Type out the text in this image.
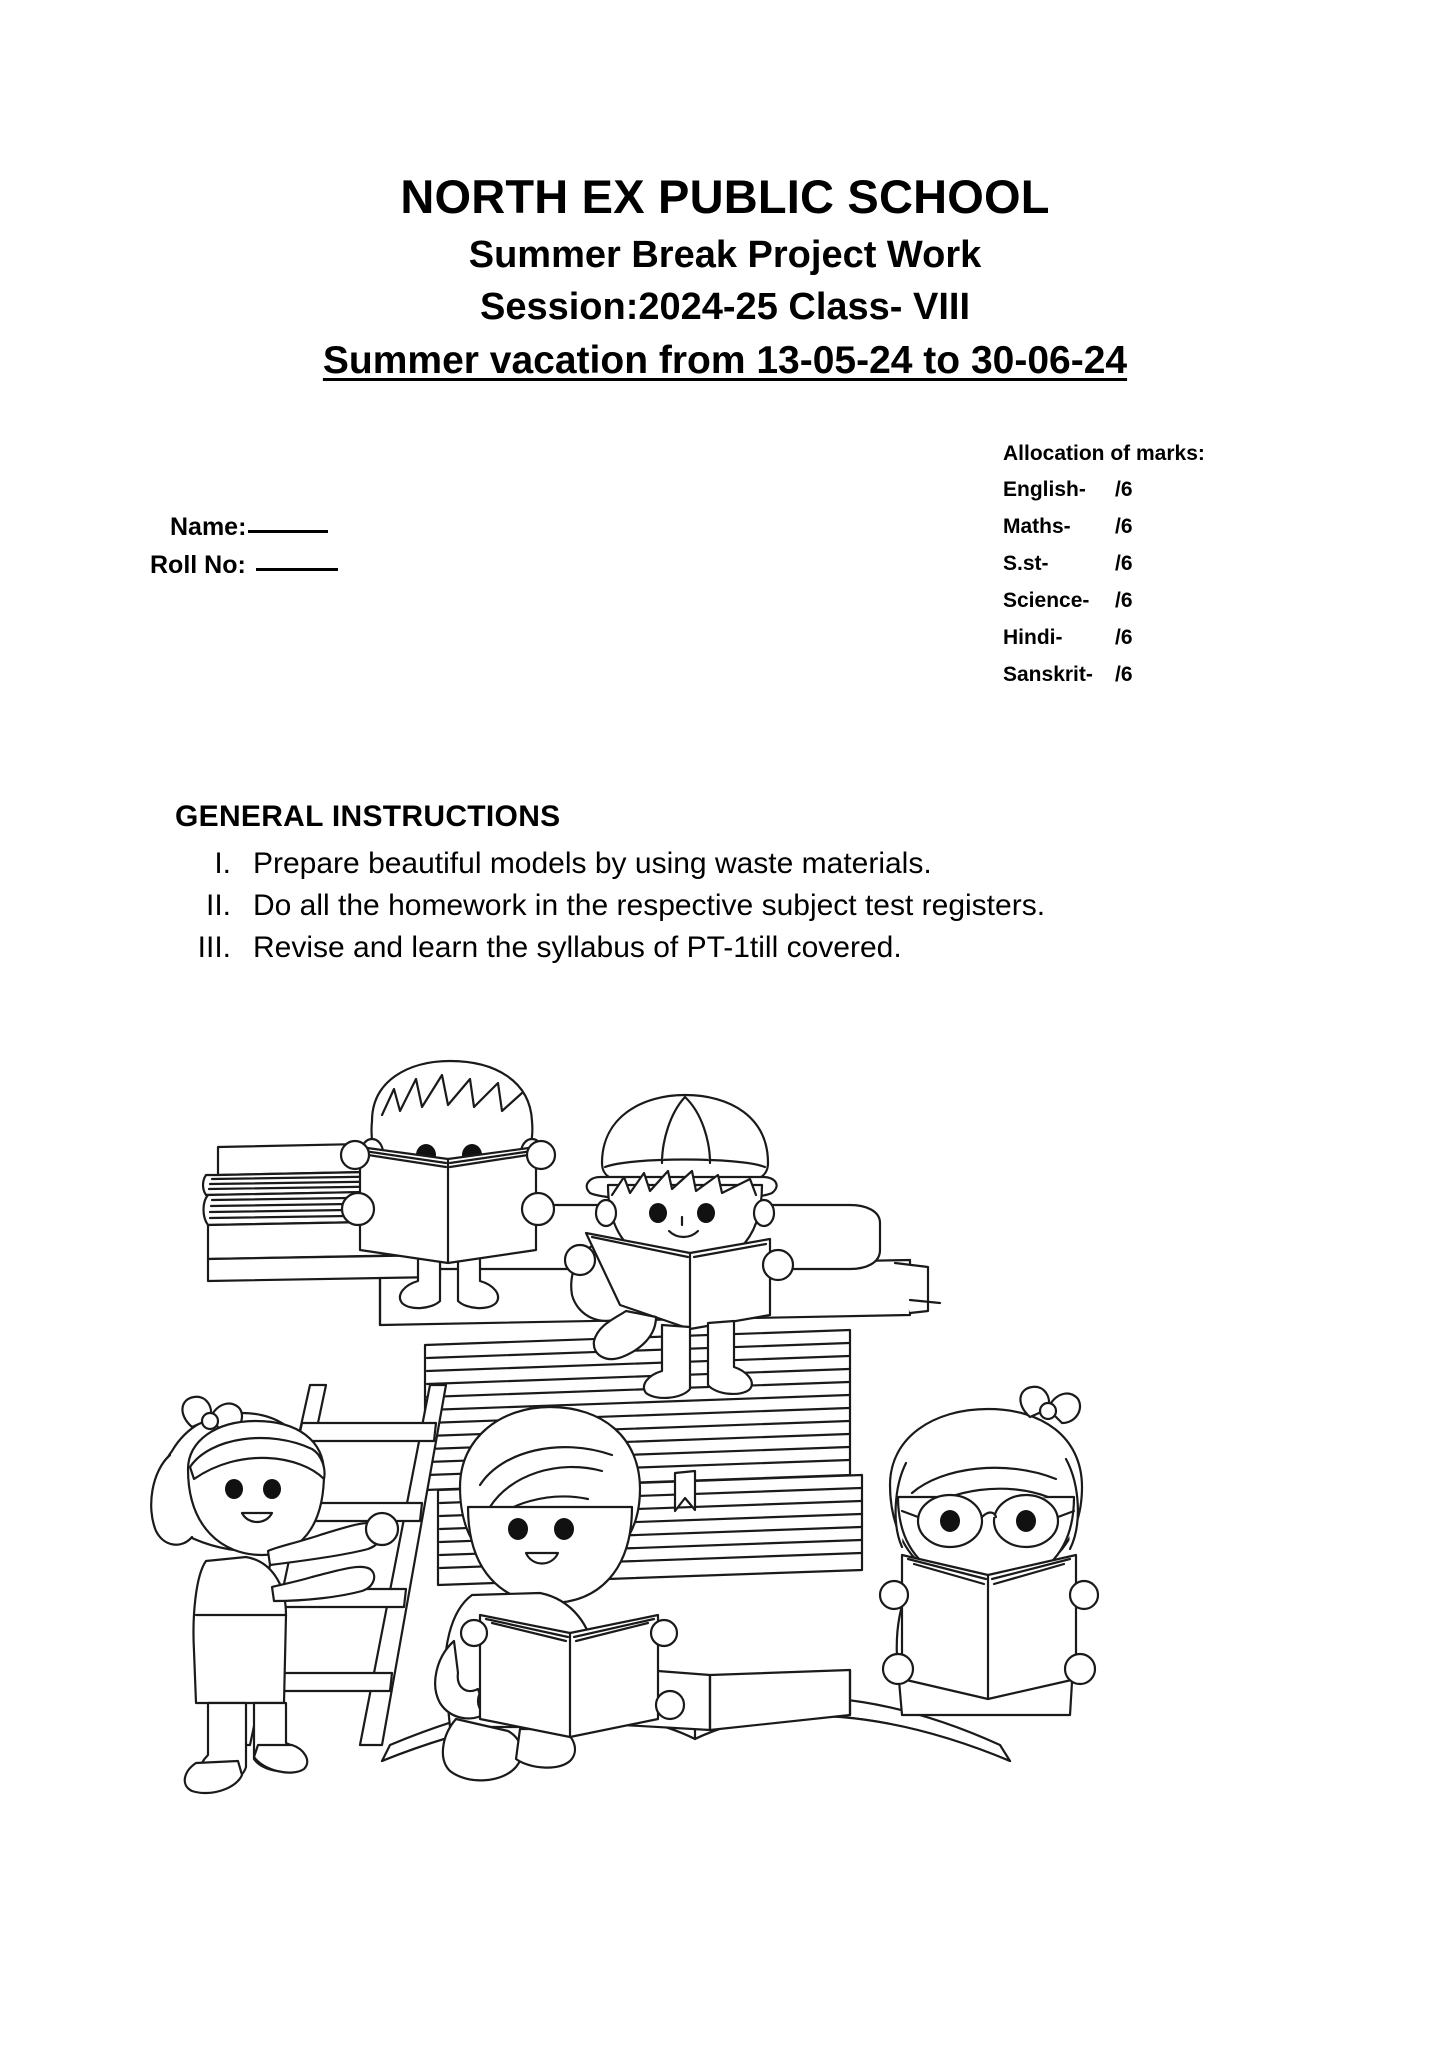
NORTH EX PUBLIC SCHOOL
Summer Break Project Work
Session:2024-25 Class- VIII
Summer vacation from 13-05-24 to 30-06-24
Allocation of marks:
English-	/6
Maths-	/6
S.st-	/6
Science-	/6
Hindi-	/6
Sanskrit-	/6
Name:
Roll No:
GENERAL INSTRUCTIONS
I. Prepare beautiful models by using waste materials.
II. Do all the homework in the respective subject test registers.
III. Revise and learn the syllabus of PT-1till covered.
